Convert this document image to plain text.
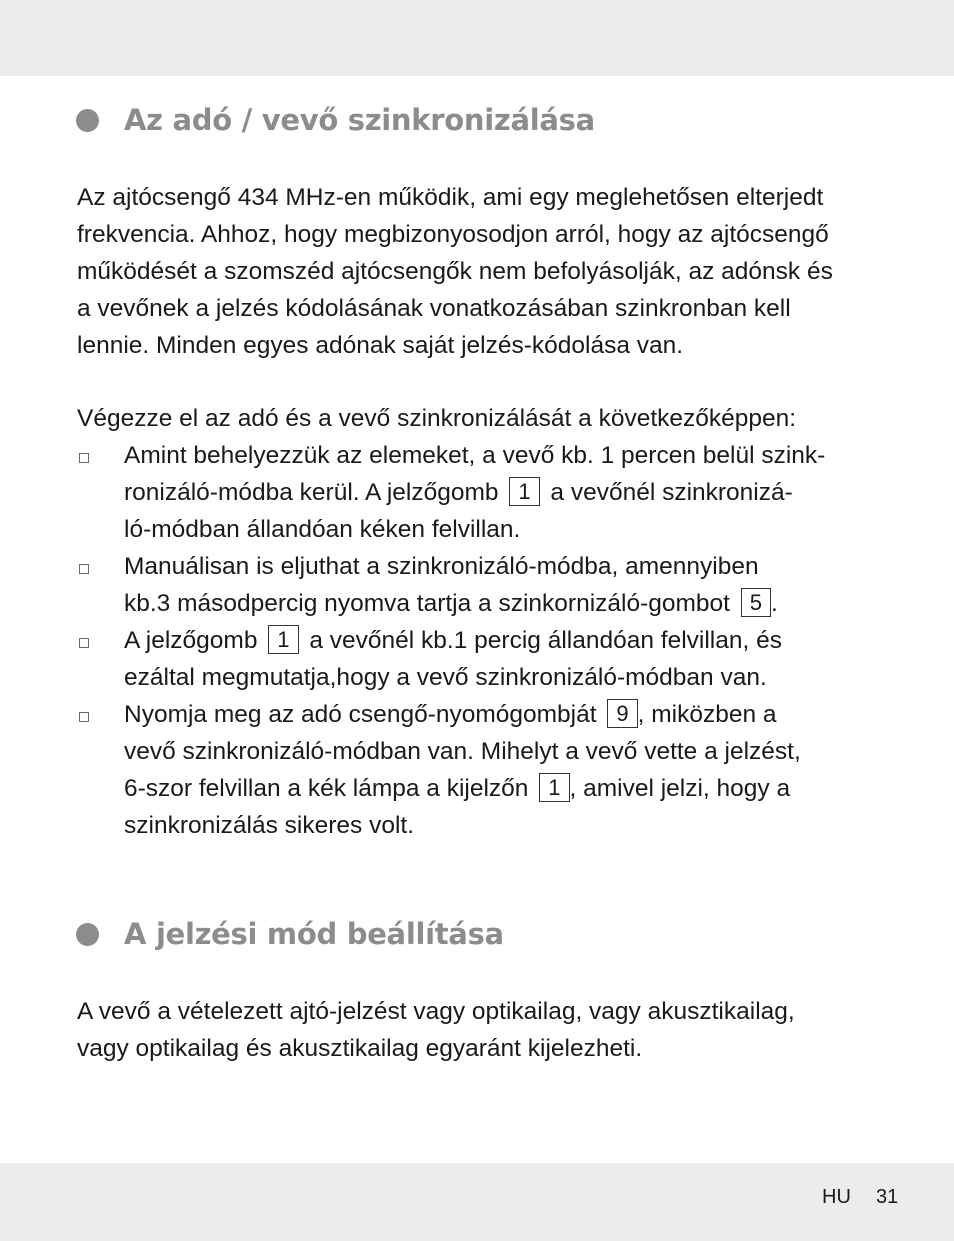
Az adó / vevő szinkronizálása

Az ajtócsengő 434 MHz-en működik, ami egy meglehetősen elterjedt
frekvencia. Ahhoz, hogy megbizonyosodjon arról, hogy az ajtócsengő
működését a szomszéd ajtócsengők nem befolyásolják, az adónsk és
a vevőnek a jelzés kódolásának vonatkozásában szinkronban kell
lennie. Minden egyes adónak saját jelzés-kódolása van.

Végezze el az adó és a vevő szinkronizálását a következőképpen:

Amint behelyezzük az elemeket, a vevő kb. 1 percen belül szink-
ronizáló-módba kerül. A jelzőgomb 1 a vevőnél szinkronizá-
ló-módban állandóan kéken felvillan.
Manuálisan is eljuthat a szinkronizáló-módba, amennyiben
kb.3 másodpercig nyomva tartja a szinkornizáló-gombot 5 .
A jelzőgomb 1 a vevőnél kb.1 percig állandóan felvillan, és
ezáltal megmutatja,hogy a vevő szinkronizáló-módban van.
Nyomja meg az adó csengő-nyomógombját 9 , miközben a
vevő szinkronizáló-módban van. Mihelyt a vevő vette a jelzést,
6-szor felvillan a kék lámpa a kijelzőn 1 , amivel jelzi, hogy a
szinkronizálás sikeres volt.
A jelzési mód beállítása

A vevő a vételezett ajtó-jelzést vagy optikailag, vagy akusztikailag,
vagy optikailag és akusztikailag egyaránt kijelezheti.

HU 31
